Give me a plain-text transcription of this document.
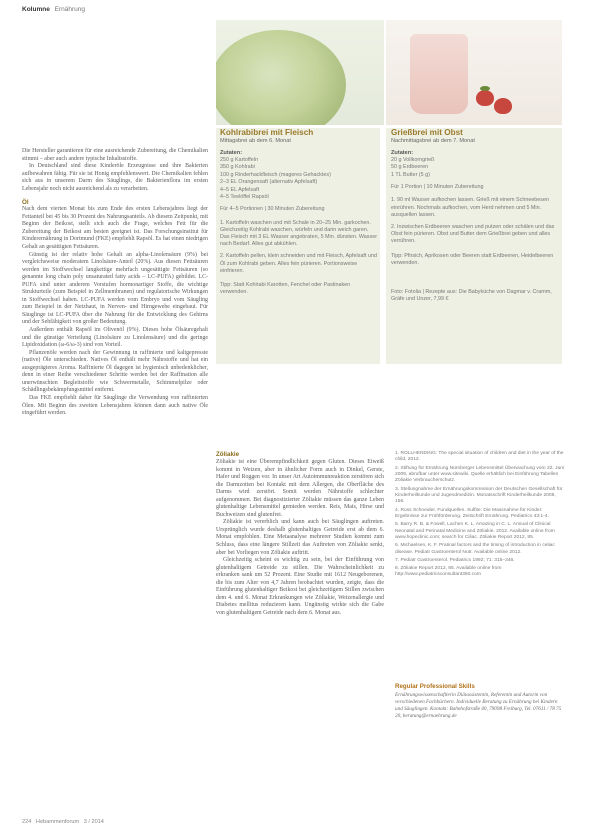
Kolumne Ernährung
Kohlrabibrei mit Fleisch
Mittagsbrei ab dem 6. Monat
Zutaten:
250 g Kartoffeln
350 g Kohlrabi
100 g Rinderhackfleisch (mageres Gehacktes)
2–3 EL Orangensaft (alternativ Apfelsaft)
4–5 EL Apfelsaft
4–5 Teelöffel Rapsöl

Für 4–5 Portionen | 30 Minuten Zubereitung

1. Kartoffeln waschen und mit Schale in 20–25 Min. garkochen. Gleichzeitig Kohlrabi waschen, würfeln und darin weich garen. Das Fleisch mit 3 EL Wasser angebraten, 5 Min. dünsten. Wasser nach Bedarf. Alles gut abkühlen.

2. Kartoffeln pellen, klein schneiden und mit Fleisch, Apfelsaft und Öl zum Kohlrabi geben. Alles fein pürieren. Portionsweise einfrieren.

Tipp: Statt Kohlrabi Karotten, Fenchel oder Pastinaken verwenden.

Grießbrei mit Obst
Nachmittagsbrei ab dem 7. Monat
Zutaten:
20 g Vollkorngrieß
50 g Erdbeeren
1 TL Butter (5 g)

Für 1 Portion | 10 Minuten Zubereitung

1. 90 ml Wasser aufkochen lassen. Grieß mit einem Schneebesen einrühren. Nochmals aufkochen, vom Herd nehmen und 5 Min. ausquellen lassen.

2. Inzwischen Erdbeeren waschen und putzen oder schälen und das Obst fein pürieren. Obst und Butter dem Grießbrei geben und alles verrühren.

Tipp: Pfirsich, Aprikosen oder Beeren statt Erdbeeren, Heidelbeeren verwenden.

Foto: Fotolia | Rezepte aus: Die Babyküche von Dagmar v. Cramm, Gräfe und Unzer, 7,99 €

Die Hersteller garantieren für eine ausreichende Zubereitung, die Chemikalien stimmt – aber auch andere typische Inhaltsstoffe.

In Deutschland sind diese Kinderöle Erzeugnisse und ihre Bakterien aufbewahren fähig. Für sie ist Honig empfehlenswert. Die Chemikalien fehlen sich aus in unserem Darm des Säuglings, die Bakterienflora im ersten Lebensjahr noch nicht ausreichend als zu verarbeiten.

Öl

Nach dem vierten Monat bis zum Ende des ersten Lebensjahres liegt der Fettanteil bei 45 bis 30 Prozent des Nahrungsanteils. Ab diesem Zeitpunkt, mit Beginn der Beikost, stellt sich auch die Frage, welches Fett für die Zubereitung der Beikost am besten geeignet ist. Das Forschungsinstitut für Kinderernährung in Dortmund (FKE) empfiehlt Rapsöl. Es hat einen niedrigen Gehalt an gesättigten Fettsäuren.

Günstig ist der relativ hohe Gehalt an alpha-Linolensäure (9%) bei vergleichsweise moderatem Linolsäure-Anteil (20%). Aus diesen Fettsäuren werden im Stoffwechsel langkettige mehrfach ungesättigte Fettsäuren (so genannte long chain poly unsaturated fatty acids – LC-PUFA) gebildet. LC-PUFA sind unter anderem Vorstufen hormonartiger Stoffe, die wichtige Strukturteile (zum Beispiel in Zellmembranen) und regulatorische Wirkungen in Stoffwechsel haben. LC-PUFA werden vom Embryo und vom Säugling zum Beispiel in der Netzhaut, in Nerven- und Hirngewebe eingebaut. Für Säuglinge ist LC-PUFA über die Nahrung für die Entwicklung des Gehirns und der Sehfähigkeit von großer Bedeutung.

Außerdem enthält Rapsöl im Olivenöl (9%). Dieses hohe Ölsäuregehalt und die günstige Verteilung (Linolsäure zu Linolensäure) und die geringe Lipidoxidation (ω-6/ω-3) sind von Vorteil.

Pflanzenöle werden nach der Gewinnung in raffinierte und kaltgepresste (native) Öle unterschieden. Natives Öl enthält mehr Nährstoffe und hat ein ausgeprägteres Aroma. Raffinierte Öl dagegen ist hygienisch unbedenklicher, denn in einer Reihe verschiedener Schritte werden bei der Raffination alle unerwünschten Begleitstoffe wie Schwermetalle, Schimmelpilze oder Schädlingsbekämpfungsmittel entfernt.

Das FKE empfiehlt daher für Säuglinge die Verwendung von raffinierten Ölen. Mit Beginn des zweiten Lebensjahres können dann auch native Öle eingeführt werden.

Zöliakie

Zöliakie ist eine Überempfindlichkeit gegen Gluten. Dieses Eiweiß kommt in Weizen, aber in ähnlicher Form auch in Dinkel, Gerste, Hafer und Roggen vor. In unser Art Autoimmunreaktion zerstören sich die Darmzotten bei Kontakt mit dem Allergen, die Oberfläche des Darms wird zerstört. Somit werden Nährstoffe schlechter aufgenommen. Bei diagnostizierter Zöliakie müssen das ganze Leben glutenhaltige Lebensmittel gemieden werden. Reis, Mais, Hirse und Buchweizen sind glutenfrei.

Zöliakie ist vererblich und kann auch bei Säuglingen auftreten. Ursprünglich wurde deshalb glutenhaltiges Getreide erst ab dem 6. Monat empfohlen. Eine Metaanalyse mehrerer Studien kommt zum Schluss, dass eine längere Stillzeit das Auftreten von Zöliakie senkt, aber bei Vorliegen von Zöliakie auftritt.

Gleichzeitig scheint es wichtig zu sein, bei der Einführung von glutenhaltigem Getreide zu stillen. Die Wahrscheinlichkeit zu erkranken sank um 52 Prozent. Eine Studie mit 1612 Neugeborenen, die bis zum Alter von 4,7 Jahren beobachtet wurden, zeigte, dass die Einführung glutenhaltiger Beikost bei gleichzeitigem Stillen zwischen dem 4. und 6. Monat Erkrankungen wie Zöliakie, Weizenallergie und Diabetes mellitus reduzieren kann. Ungünstig wirkte sich die Gabe von glutenhaltigem Getreide nach dem 6. Monat aus.

1. ROLLHENDING: The special situation of children and diet in the year of the child, 2012.
2. Stiftung für Ernährung Nürnberger Lebensmittel Überwachung vom 22. Juni 2009, abrufbar unter www.sitewiki. Quelle erhältlich bei Einführung Tabellen Zöliakie Verbraucherschutz.
3. Stellungnahme der Ernährungskommission der Deutschen Gesellschaft für Kinderheilkunde und Jugendmedizin. Monatsschrift Kinderheilkunde 2008, 156.
4. Ross Schneider. Fundquellen. Sulfite: Die Massnahme für Kinder: Ergebnisse zur Frühförderung. Zeitschrift Ernährung. Pediatrics 43:1-4.
5. Barry R. B. & Fowell, Lachen K. L. Amazing in C. L. Annual of Clinical Neonatal and Perinatal Medicine and Zöliakie. 2012. Available online from www.hopeclinic.com; search for Ciliac. Zöliakie Report 2012, 85.
6. Michaelsen, K. F. Pratinal factors and the timing of introduction in celiac disease. Pediatr Gastroenterol Nutr. Available online 2012.
7. Pediatr Gastroenterol. Pediatrics 1992; 71: 315–346.
8. Zöliakie Report 2012, 85. Available online from http://www.pediatricsconsultant360.com
Regular Professional Skills
Ernährungswissenschaftlerin Diätassistentin, Referentin und Autorin von verschiedenen Fachbüchern. Individuelle Beratung zu Ernährung bei Kindern und Säuglingen. Kontakt: Bahnhofstraße 40, 79098 Freiburg, Tel. 07611 / 78 75 20, beratung@ernaehrung.de
224 Hebammenforum 3 / 2014
